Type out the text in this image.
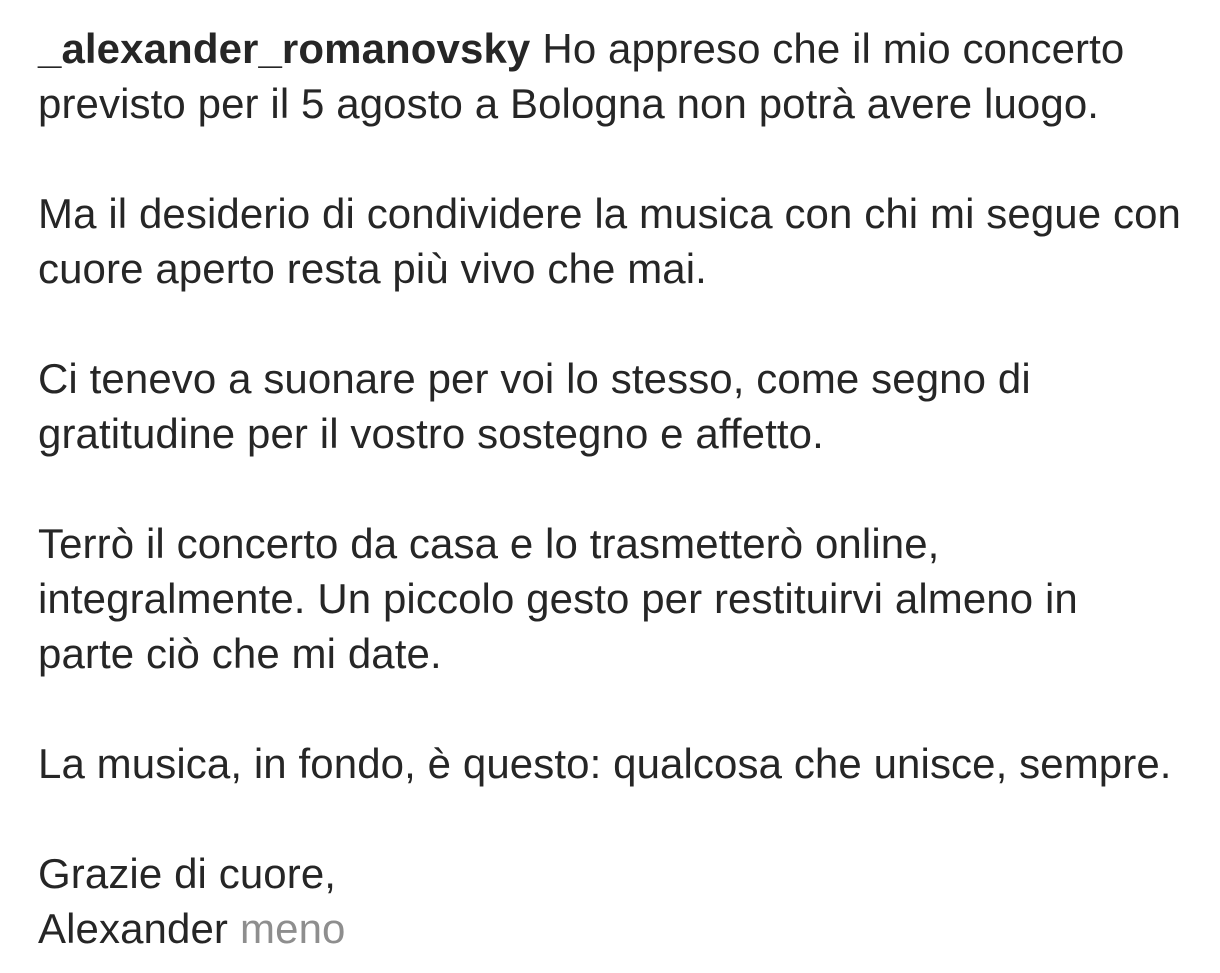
_alexander_romanovsky Ho appreso che il mio concerto
previsto per il 5 agosto a Bologna non potrà avere luogo.

Ma il desiderio di condividere la musica con chi mi segue con
cuore aperto resta più vivo che mai.

Ci tenevo a suonare per voi lo stesso, come segno di
gratitudine per il vostro sostegno e affetto.

Terrò il concerto da casa e lo trasmetterò online,
integralmente. Un piccolo gesto per restituirvi almeno in
parte ciò che mi date.

La musica, in fondo, è questo: qualcosa che unisce, sempre.

Grazie di cuore,
Alexander meno
